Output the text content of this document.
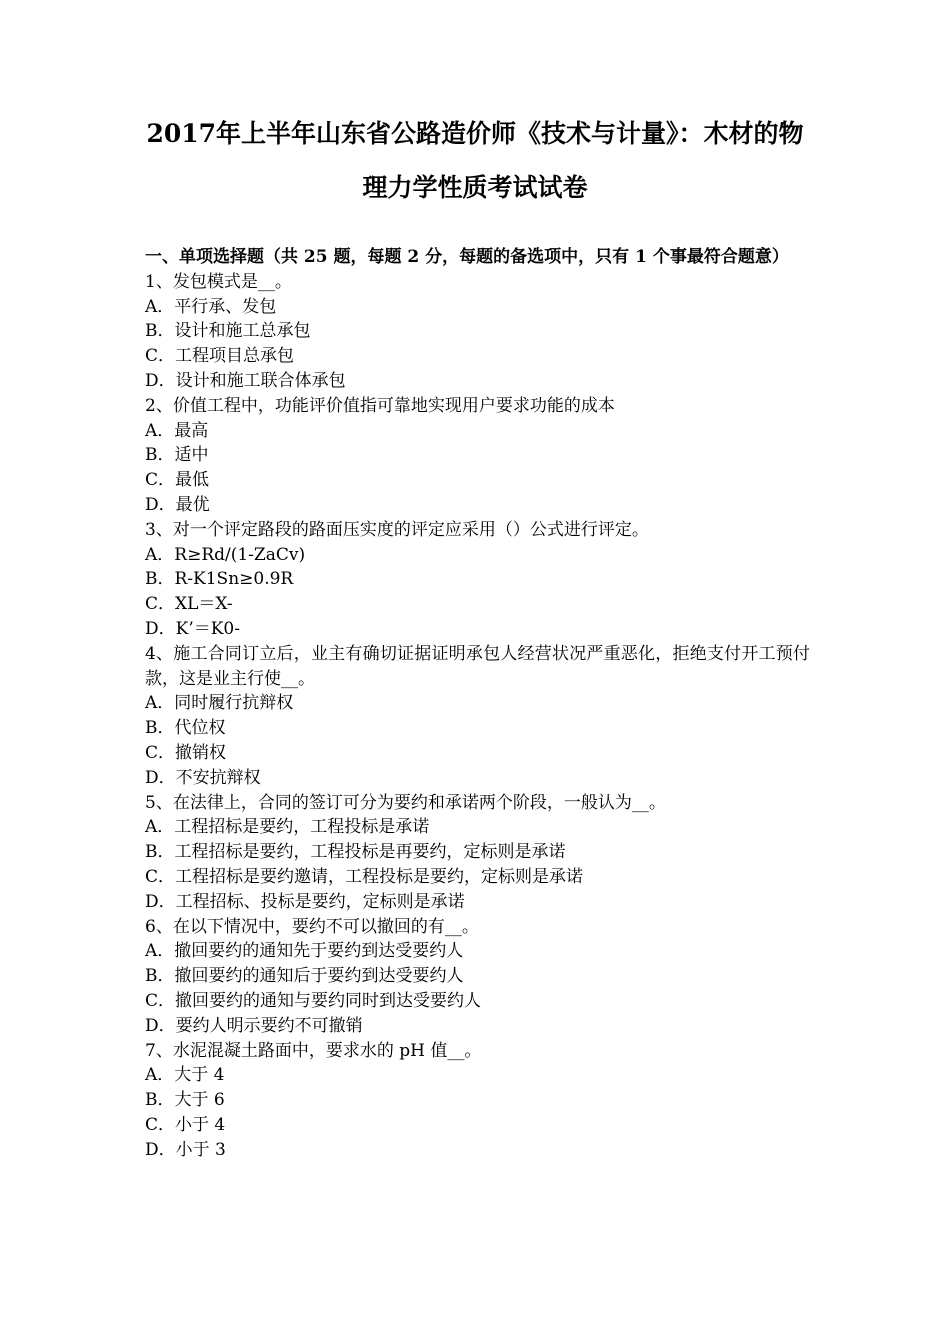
2017年上半年山东省公路造价师《技术与计量》：木材的物
理力学性质考试试卷

一、单项选择题（共 25 题，每题 2 分，每题的备选项中，只有 1 个事最符合题意）

1、发包模式是__。

A．平行承、发包

B．设计和施工总承包

C．工程项目总承包

D．设计和施工联合体承包

2、价值工程中，功能评价值指可靠地实现用户要求功能的成本

A．最高

B．适中

C．最低

D．最优

3、对一个评定路段的路面压实度的评定应采用（）公式进行评定。

A．R≥Rd/(1-ZaCv)

B．R-K1Sn≥0.9R

C．XL＝X-

D．K’＝K0-

4、施工合同订立后，业主有确切证据证明承包人经营状况严重恶化，拒绝支付开工预付款，这是业主行使__。

A．同时履行抗辩权

B．代位权

C．撤销权

D．不安抗辩权

5、在法律上，合同的签订可分为要约和承诺两个阶段，一般认为__。

A．工程招标是要约，工程投标是承诺

B．工程招标是要约，工程投标是再要约，定标则是承诺

C．工程招标是要约邀请，工程投标是要约，定标则是承诺

D．工程招标、投标是要约，定标则是承诺

6、在以下情况中，要约不可以撤回的有__。

A．撤回要约的通知先于要约到达受要约人

B．撤回要约的通知后于要约到达受要约人

C．撤回要约的通知与要约同时到达受要约人

D．要约人明示要约不可撤销

7、水泥混凝土路面中，要求水的 pH 值__。

A．大于 4

B．大于 6

C．小于 4

D．小于 3
